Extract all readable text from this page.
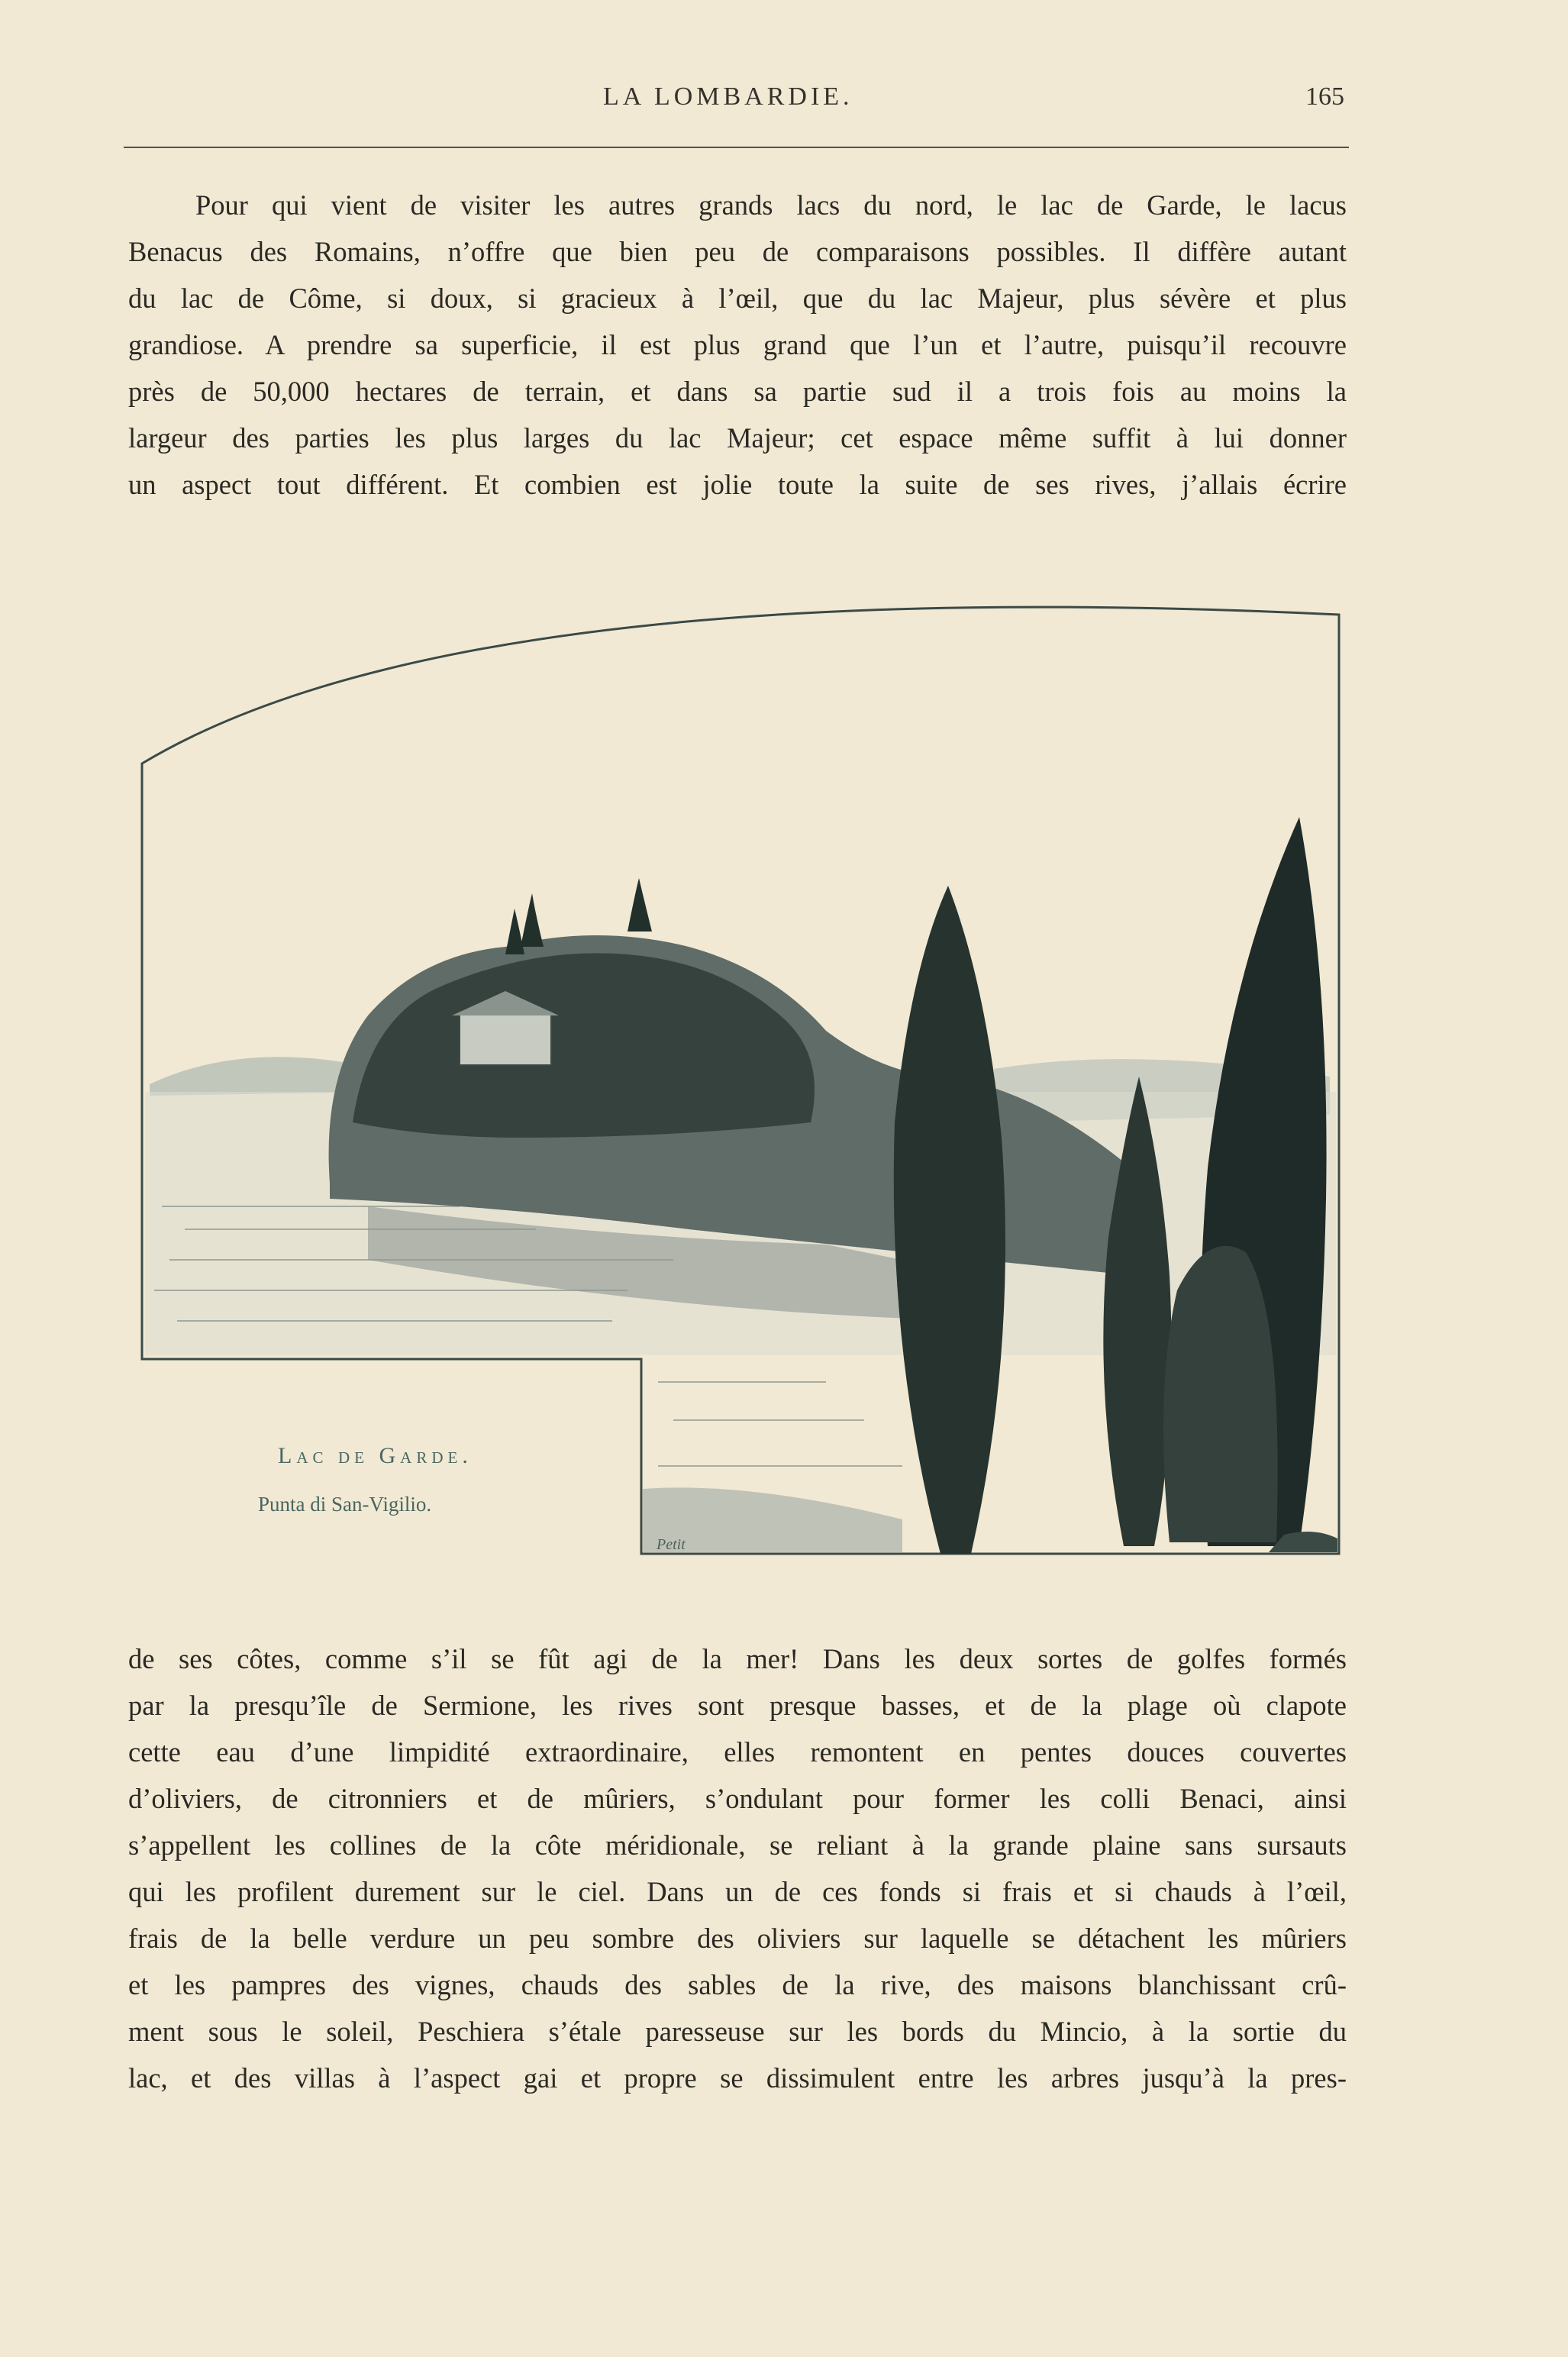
LA LOMBARDIE.	165
Pour qui vient de visiter les autres grands lacs du nord, le lac de Garde, le lacus
Benacus des Romains, n’offre que bien peu de comparaisons possibles. Il diffère autant
du lac de Côme, si doux, si gracieux à l’œil, que du lac Majeur, plus sévère et plus
grandiose. A prendre sa superficie, il est plus grand que l’un et l’autre, puisqu’il recouvre
près de 50,000 hectares de terrain, et dans sa partie sud il a trois fois au moins la
largeur des parties les plus larges du lac Majeur; cet espace même suffit à lui donner
un aspect tout différent. Et combien est jolie toute la suite de ses rives, j’allais écrire
Lac de Garde.
Punta di San-Vigilio.
Petit
de ses côtes, comme s’il se fût agi de la mer! Dans les deux sortes de golfes formés
par la presqu’île de Sermione, les rives sont presque basses, et de la plage où clapote
cette eau d’une limpidité extraordinaire, elles remontent en pentes douces couvertes
d’oliviers, de citronniers et de mûriers, s’ondulant pour former les colli Benaci, ainsi
s’appellent les collines de la côte méridionale, se reliant à la grande plaine sans sursauts
qui les profilent durement sur le ciel. Dans un de ces fonds si frais et si chauds à l’œil,
frais de la belle verdure un peu sombre des oliviers sur laquelle se détachent les mûriers
et les pampres des vignes, chauds des sables de la rive, des maisons blanchissant crû-
ment sous le soleil, Peschiera s’étale paresseuse sur les bords du Mincio, à la sortie du
lac, et des villas à l’aspect gai et propre se dissimulent entre les arbres jusqu’à la pres-
